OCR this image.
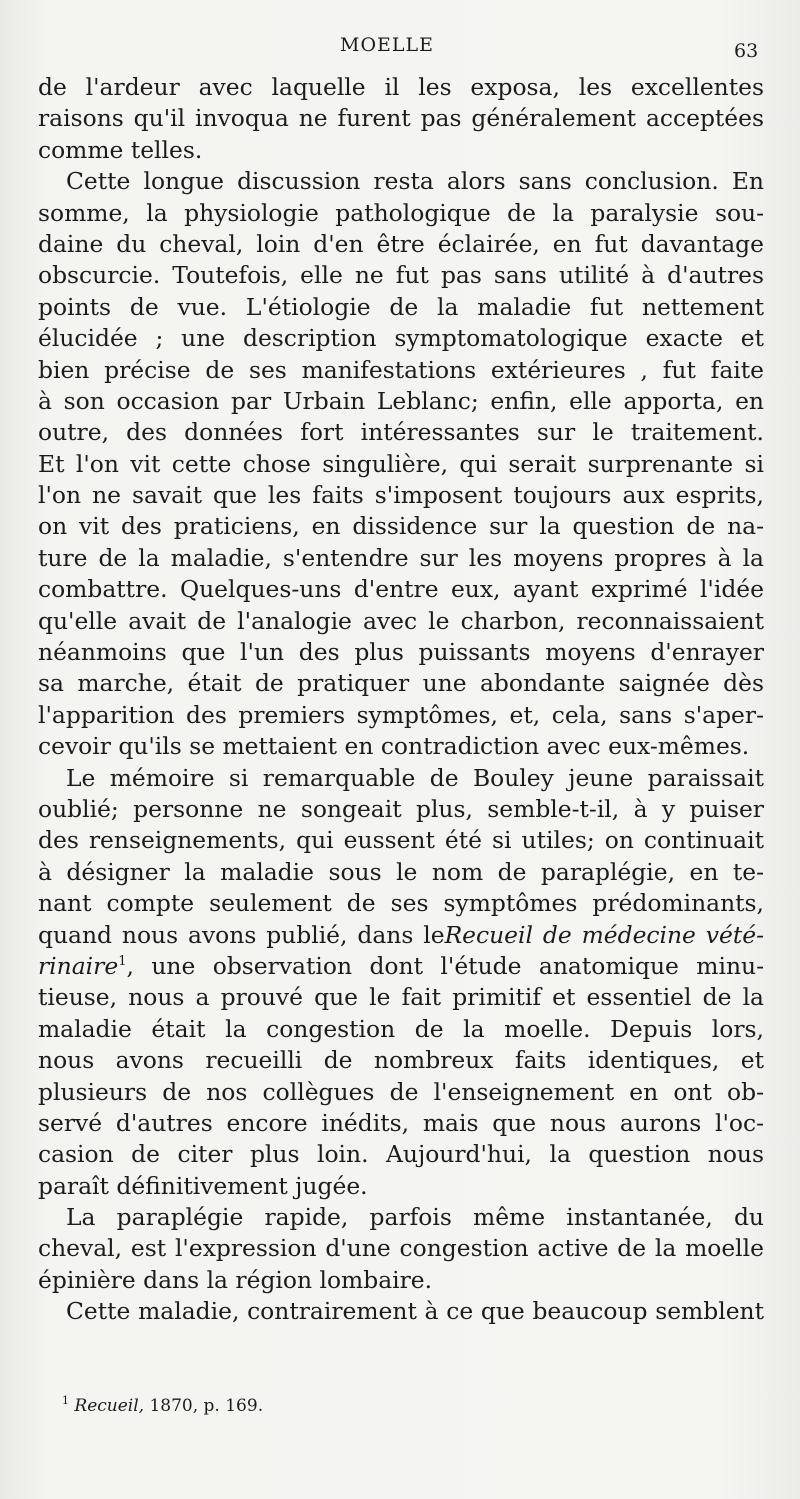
MOELLE	63
de l'ardeur avec laquelle il les exposa, les excellentes
raisons qu'il invoqua ne furent pas généralement acceptées
comme telles.
Cette longue discussion resta alors sans conclusion. En
somme, la physiologie pathologique de la paralysie sou-
daine du cheval, loin d'en être éclairée, en fut davantage
obscurcie. Toutefois, elle ne fut pas sans utilité à d'autres
points de vue. L'étiologie de la maladie fut nettement
élucidée ; une description symptomatologique exacte et
bien précise de ses manifestations extérieures , fut faite
à son occasion par Urbain Leblanc; enfin, elle apporta, en
outre, des données fort intéressantes sur le traitement.
Et l'on vit cette chose singulière, qui serait surprenante si
l'on ne savait que les faits s'imposent toujours aux esprits,
on vit des praticiens, en dissidence sur la question de na-
ture de la maladie, s'entendre sur les moyens propres à la
combattre. Quelques-uns d'entre eux, ayant exprimé l'idée
qu'elle avait de l'analogie avec le charbon, reconnaissaient
néanmoins que l'un des plus puissants moyens d'enrayer
sa marche, était de pratiquer une abondante saignée dès
l'apparition des premiers symptômes, et, cela, sans s'aper-
cevoir qu'ils se mettaient en contradiction avec eux-mêmes.
Le mémoire si remarquable de Bouley jeune paraissait
oublié; personne ne songeait plus, semble-t-il, à y puiser
des renseignements, qui eussent été si utiles; on continuait
à désigner la maladie sous le nom de paraplégie, en te-
nant compte seulement de ses symptômes prédominants,
quand nous avons publié, dans leRecueil de médecine vété-
rinaire$^1$, une observation dont l'étude anatomique minu-
tieuse, nous a prouvé que le fait primitif et essentiel de la
maladie était la congestion de la moelle. Depuis lors,
nous avons recueilli de nombreux faits identiques, et
plusieurs de nos collègues de l'enseignement en ont ob-
servé d'autres encore inédits, mais que nous aurons l'oc-
casion de citer plus loin. Aujourd'hui, la question nous
paraît définitivement jugée.
La paraplégie rapide, parfois même instantanée, du
cheval, est l'expression d'une congestion active de la moelle
épinière dans la région lombaire.
Cette maladie, contrairement à ce que beaucoup semblent
$^1$ Recueil, 1870, p. 169.
